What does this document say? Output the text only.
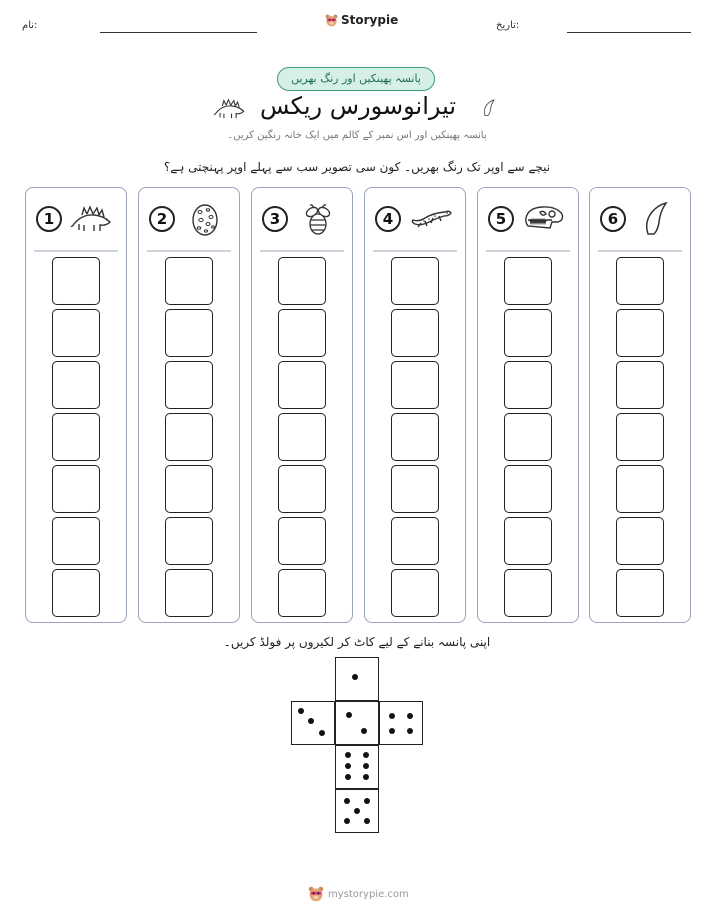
نام:	تاریخ:
Storypie
پانسہ پھینکیں اور رنگ بھریں
تیرانوسورس ریکس
پانسہ پھینکیں اور اس نمبر کے کالم میں ایک خانہ رنگین کریں۔
نیچے سے اوپر تک رنگ بھریں۔ کون سی تصویر سب سے پہلے اوپر پہنچتی ہے؟
1	2	3	4	5	6
اپنی پانسہ بنانے کے لیے کاٹ کر لکیروں پر فولڈ کریں۔
mystorypie.com
